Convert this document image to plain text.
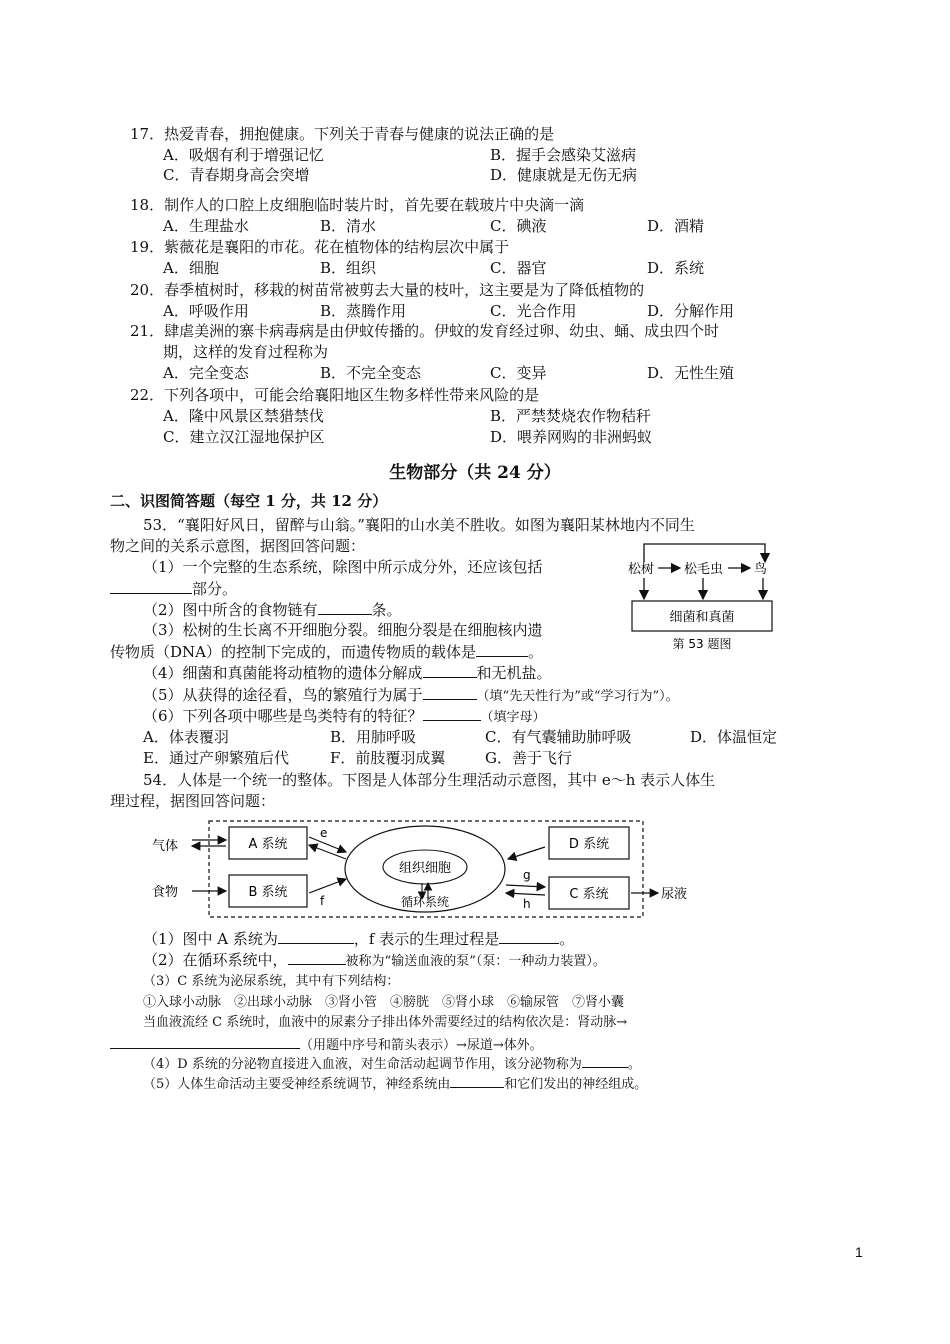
17．热爱青春，拥抱健康。下列关于青春与健康的说法正确的是
A．吸烟有利于增强记忆	B．握手会感染艾滋病
C．青春期身高会突增	D．健康就是无伤无病
18．制作人的口腔上皮细胞临时装片时，首先要在载玻片中央滴一滴
A．生理盐水	B．清水	C．碘液	D．酒精
19．紫薇花是襄阳的市花。花在植物体的结构层次中属于
A．细胞	B．组织	C．器官	D．系统
20．春季植树时，移栽的树苗常被剪去大量的枝叶，这主要是为了降低植物的
A．呼吸作用	B．蒸腾作用	C．光合作用	D．分解作用
21．肆虐美洲的寨卡病毒病是由伊蚊传播的。伊蚊的发育经过卵、幼虫、蛹、成虫四个时
期，这样的发育过程称为
A．完全变态	B．不完全变态	C．变异	D．无性生殖
22．下列各项中，可能会给襄阳地区生物多样性带来风险的是
A．隆中风景区禁猎禁伐	B．严禁焚烧农作物秸秆
C．建立汉江湿地保护区	D．喂养网购的非洲蚂蚁
生物部分（共 24 分）
二、识图简答题（每空 1 分，共 12 分）
53．“襄阳好风日，留醉与山翁。”襄阳的山水美不胜收。如图为襄阳某林地内不同生
物之间的关系示意图，据图回答问题：
（1）一个完整的生态系统，除图中所示成分外，还应该包括
部分。
（2）图中所含的食物链有	条。
（3）松树的生长离不开细胞分裂。细胞分裂是在细胞核内遗
传物质（DNA）的控制下完成的，而遗传物质的载体是	。
（4）细菌和真菌能将动植物的遗体分解成	和无机盐。
（5）从获得的途径看，鸟的繁殖行为属于	（填“先天性行为”或“学习行为”）。
（6）下列各项中哪些是鸟类特有的特征？	（填字母）
A．体表覆羽	B．用肺呼吸	C．有气囊辅助肺呼吸	D．体温恒定
E．通过产卵繁殖后代	F．前肢覆羽成翼	G．善于飞行
松树 松毛虫 鸟
细菌和真菌
第 53 题图
54．人体是一个统一的整体。下图是人体部分生理活动示意图，其中 e～h 表示人体生
理过程，据图回答问题：
气体	A 系统
食物	B 系统
e
f
组织细胞
循环系统
D 系统
C 系统
g
h
尿液
（1）图中 A 系统为	，f 表示的生理过程是	。
（2）在循环系统中，	被称为“输送血液的泵”（泵：一种动力装置）。
（3）C 系统为泌尿系统，其中有下列结构：
①入球小动脉　②出球小动脉　③肾小管　④膀胱　⑤肾小球　⑥输尿管　⑦肾小囊
当血液流经 C 系统时，血液中的尿素分子排出体外需要经过的结构依次是：肾动脉→
（用题中序号和箭头表示）→尿道→体外。
（4）D 系统的分泌物直接进入血液，对生命活动起调节作用，该分泌物称为	。
（5）人体生命活动主要受神经系统调节，神经系统由	和它们发出的神经组成。
1
